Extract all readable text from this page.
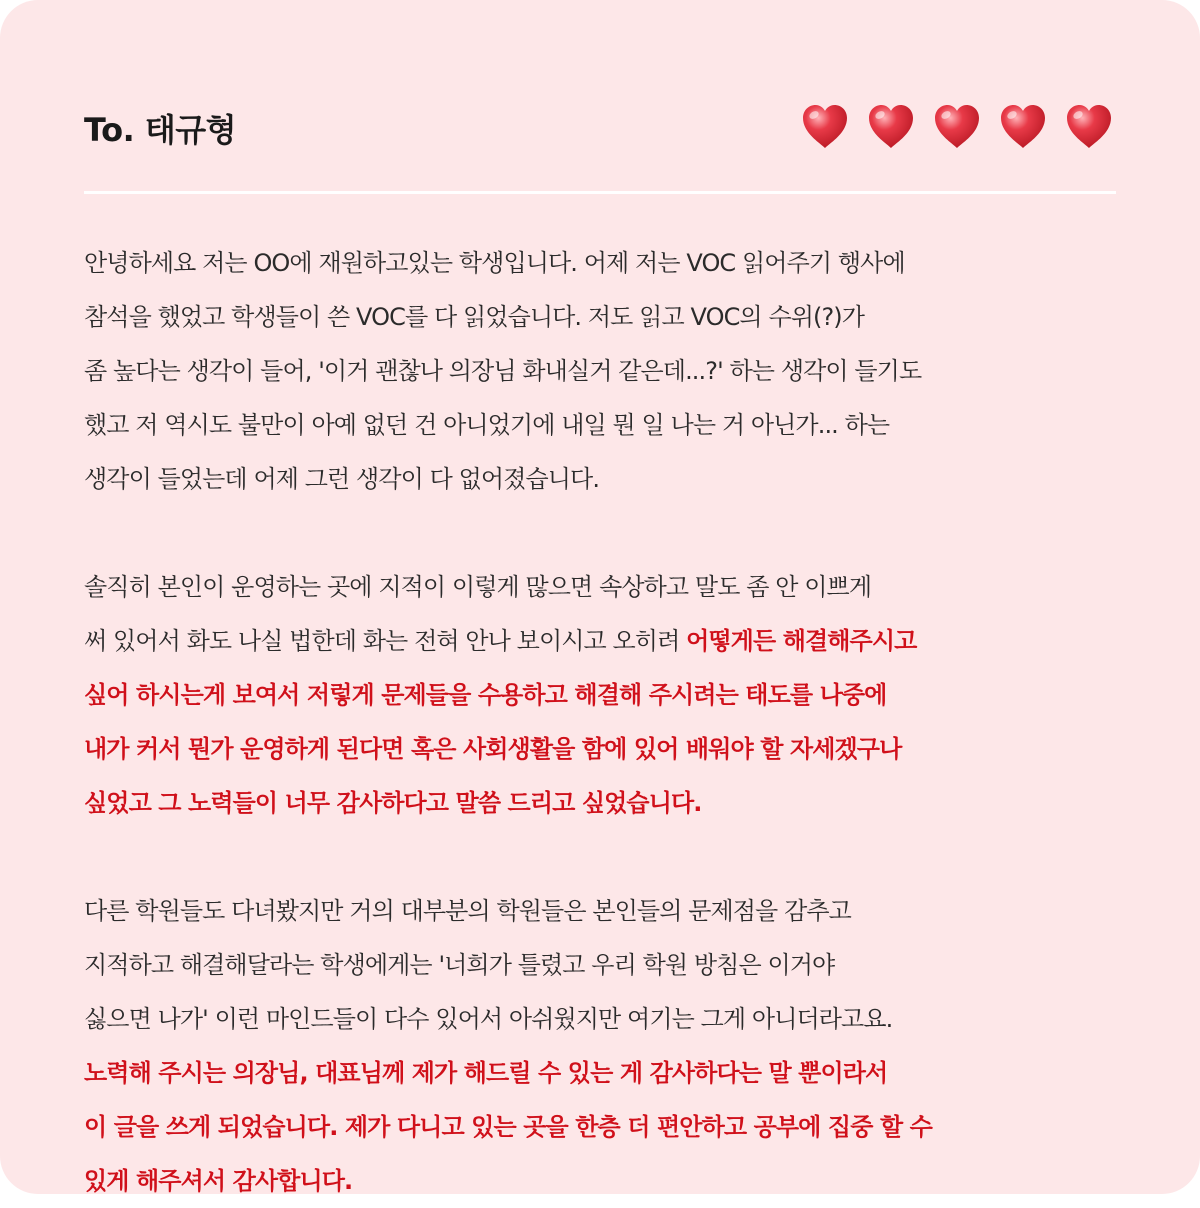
To. 태규형

안녕하세요 저는 OO에 재원하고있는 학생입니다. 어제 저는 VOC 읽어주기 행사에
참석을 했었고 학생들이 쓴 VOC를 다 읽었습니다. 저도 읽고 VOC의 수위(?)가
좀 높다는 생각이 들어, '이거 괜찮나 의장님 화내실거 같은데...?' 하는 생각이 들기도
했고 저 역시도 불만이 아예 없던 건 아니었기에 내일 뭔 일 나는 거 아닌가... 하는
생각이 들었는데 어제 그런 생각이 다 없어졌습니다.

솔직히 본인이 운영하는 곳에 지적이 이렇게 많으면 속상하고 말도 좀 안 이쁘게
써 있어서 화도 나실 법한데 화는 전혀 안나 보이시고 오히려 어떻게든 해결해주시고
싶어 하시는게 보여서 저렇게 문제들을 수용하고 해결해 주시려는 태도를 나중에
내가 커서 뭔가 운영하게 된다면 혹은 사회생활을 함에 있어 배워야 할 자세겠구나
싶었고 그 노력들이 너무 감사하다고 말씀 드리고 싶었습니다.

다른 학원들도 다녀봤지만 거의 대부분의 학원들은 본인들의 문제점을 감추고
지적하고 해결해달라는 학생에게는 '너희가 틀렸고 우리 학원 방침은 이거야
싫으면 나가' 이런 마인드들이 다수 있어서 아쉬웠지만 여기는 그게 아니더라고요.
노력해 주시는 의장님, 대표님께 제가 해드릴 수 있는 게 감사하다는 말 뿐이라서
이 글을 쓰게 되었습니다. 제가 다니고 있는 곳을 한층 더 편안하고 공부에 집중 할 수
있게 해주셔서 감사합니다.
